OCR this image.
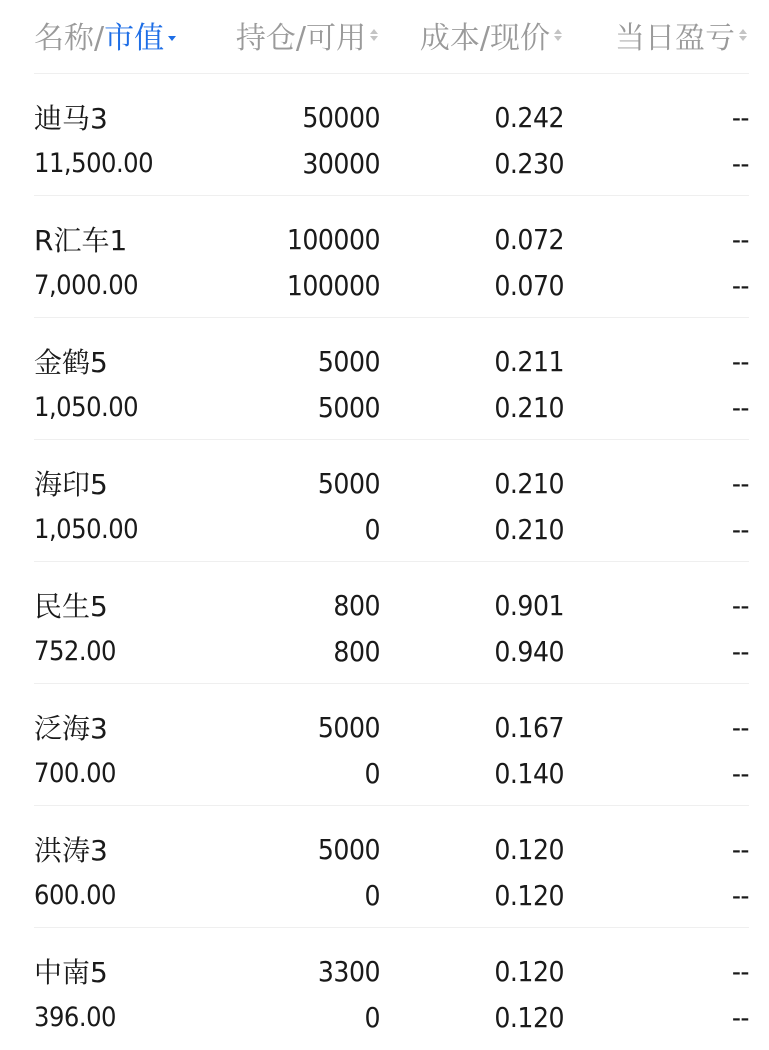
名称/ 市值 持仓/可用 成本/现价 当日盈亏
迪马3	50000	0.242	--
11,500.00	30000	0.230	--
R汇车1	100000	0.072	--
7,000.00	100000	0.070	--
金鹤5	5000	0.211	--
1,050.00	5000	0.210	--
海印5	5000	0.210	--
1,050.00	0	0.210	--
民生5	800	0.901	--
752.00	800	0.940	--
泛海3	5000	0.167	--
700.00	0	0.140	--
洪涛3	5000	0.120	--
600.00	0	0.120	--
中南5	3300	0.120	--
396.00	0	0.120	--
